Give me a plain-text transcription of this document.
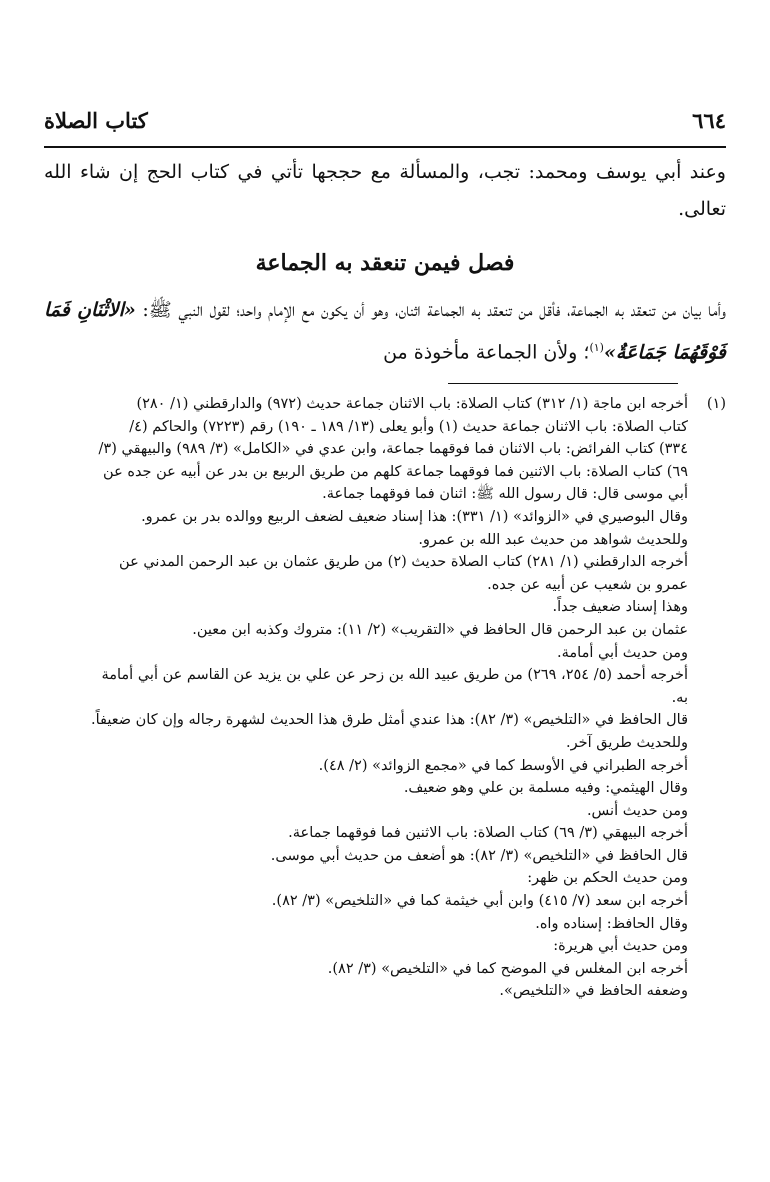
كتاب الصلاة	٦٦٤
وعند أبي يوسف ومحمد: تجب، والمسألة مع حججها تأتي في كتاب الحج إن شاء الله تعالى.
فصل فيمن تنعقد به الجماعة
وأما بيان من تنعقد به الجماعة، فأقل من تنعقد به الجماعة اثنان، وهو أن يكون مع الإمام واحد؛ لقول النبي ﷺ: «الاثْنَانِ فَمَا فَوْقَهُمَا جَمَاعَةٌ»$^{(١)}$؛ ولأن الجماعة مأخوذة من
(١)
أخرجه ابن ماجة (١/ ٣١٢) كتاب الصلاة: باب الاثنان جماعة حديث (٩٧٢) والدارقطني (١/ ٢٨٠)
كتاب الصلاة: باب الاثنان جماعة حديث (١) وأبو يعلى (١٣/ ١٨٩ ـ ١٩٠) رقم (٧٢٢٣) والحاكم (٤/
٣٣٤) كتاب الفرائض: باب الاثنان فما فوقهما جماعة، وابن عدي في «الكامل» (٣/ ٩٨٩) والبيهقي (٣/
٦٩) كتاب الصلاة: باب الاثنين فما فوقهما جماعة كلهم من طريق الربيع بن بدر عن أبيه عن جده عن
أبي موسى قال: قال رسول الله ﷺ: اثنان فما فوقهما جماعة.
وقال البوصيري في «الزوائد» (١/ ٣٣١): هذا إسناد ضعيف لضعف الربيع ووالده بدر بن عمرو.
وللحديث شواهد من حديث عبد الله بن عمرو.
أخرجه الدارقطني (١/ ٢٨١) كتاب الصلاة حديث (٢) من طريق عثمان بن عبد الرحمن المدني عن
عمرو بن شعيب عن أبيه عن جده.
وهذا إسناد ضعيف جداً.
عثمان بن عبد الرحمن قال الحافظ في «التقريب» (٢/ ١١): متروك وكذبه ابن معين.
ومن حديث أبي أمامة.
أخرجه أحمد (٥/ ٢٥٤، ٢٦٩) من طريق عبيد الله بن زحر عن علي بن يزيد عن القاسم عن أبي أمامة
به.
قال الحافظ في «التلخيص» (٣/ ٨٢): هذا عندي أمثل طرق هذا الحديث لشهرة رجاله وإن كان ضعيفاً.
وللحديث طريق آخر.
أخرجه الطبراني في الأوسط كما في «مجمع الزوائد» (٢/ ٤٨).
وقال الهيثمي: وفيه مسلمة بن علي وهو ضعيف.
ومن حديث أنس.
أخرجه البيهقي (٣/ ٦٩) كتاب الصلاة: باب الاثنين فما فوقهما جماعة.
قال الحافظ في «التلخيص» (٣/ ٨٢): هو أضعف من حديث أبي موسى.
ومن حديث الحكم بن ظهر:
أخرجه ابن سعد (٧/ ٤١٥) وابن أبي خيثمة كما في «التلخيص» (٣/ ٨٢).
وقال الحافظ: إسناده واه.
ومن حديث أبي هريرة:
أخرجه ابن المغلس في الموضح كما في «التلخيص» (٣/ ٨٢).
وضعفه الحافظ في «التلخيص».
